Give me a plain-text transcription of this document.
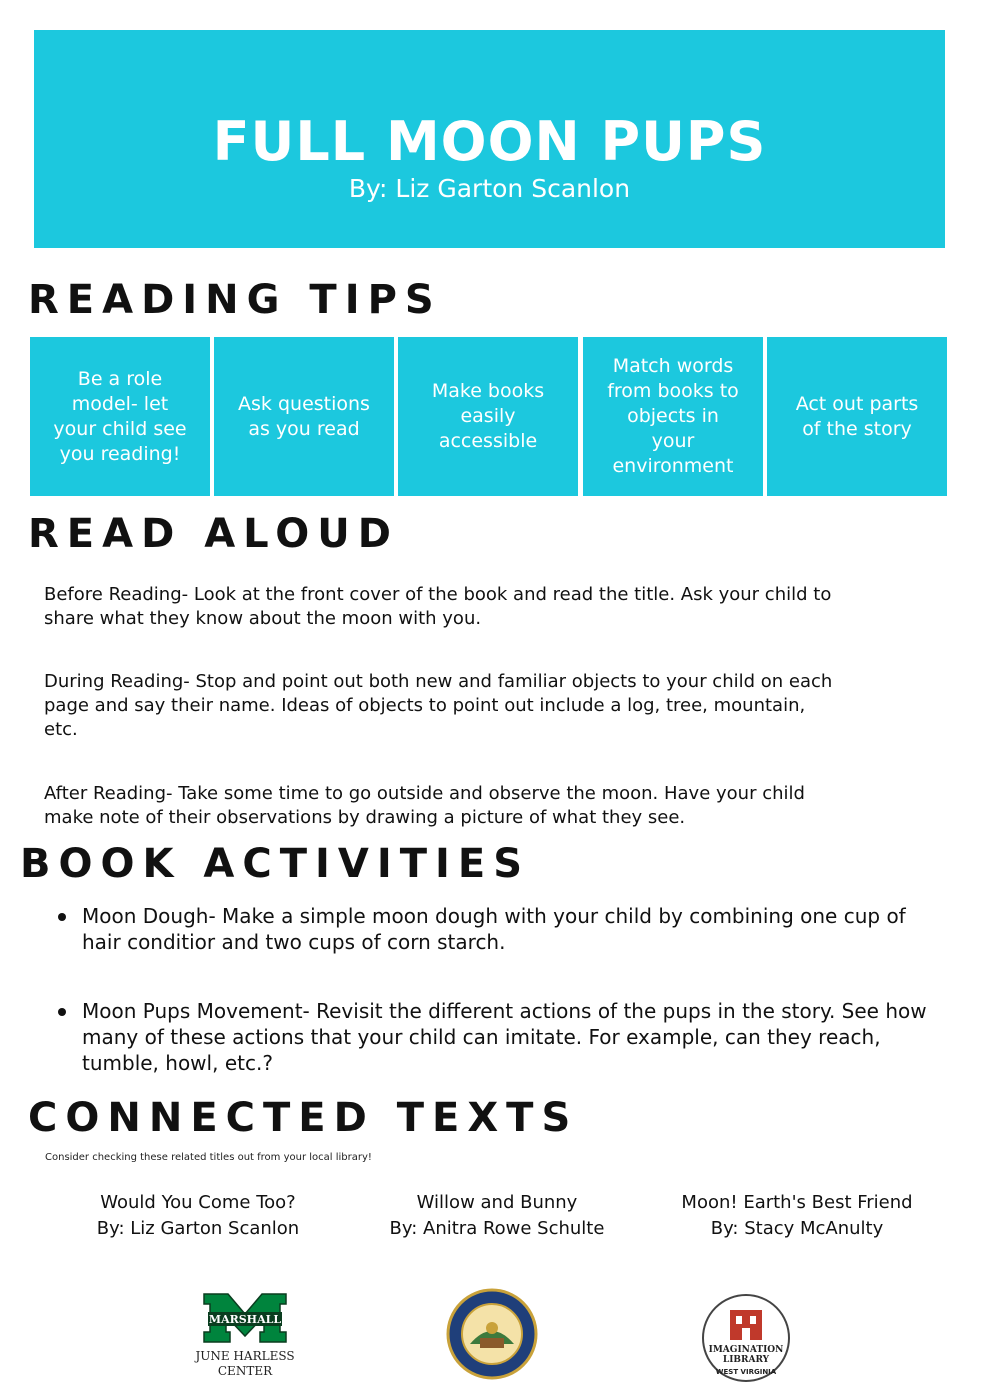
FULL MOON PUPS
By: Liz Garton Scanlon
READING TIPS
Be a role model- let your child see you reading!
Ask questions as you read
Make books easily accessible
Match words from books to objects in your environment
Act out parts of the story
READ ALOUD
Before Reading- Look at the front cover of the book and read the title. Ask your child to share what they know about the moon with you.
During Reading- Stop and point out both new and familiar objects to your child on each page and say their name. Ideas of objects to point out include a log, tree, mountain, etc.
After Reading- Take some time to go outside and observe the moon. Have your child make note of their observations by drawing a picture of what they see.
BOOK ACTIVITIES
Moon Dough- Make a simple moon dough with your child by combining one cup of hair conditior and two cups of corn starch.
Moon Pups Movement- Revisit the different actions of the pups in the story. See how many of these actions that your child can imitate. For example, can they reach, tumble, howl, etc.?
CONNECTED TEXTS
Consider checking these related titles out from your local library!
Would You Come Too?
By: Liz Garton Scanlon
Willow and Bunny
By: Anitra Rowe Schulte
Moon! Earth's Best Friend
By: Stacy McAnulty
MARSHALL
JUNE HARLESS
CENTER
IMAGINATION
LIBRARY
WEST VIRGINIA
